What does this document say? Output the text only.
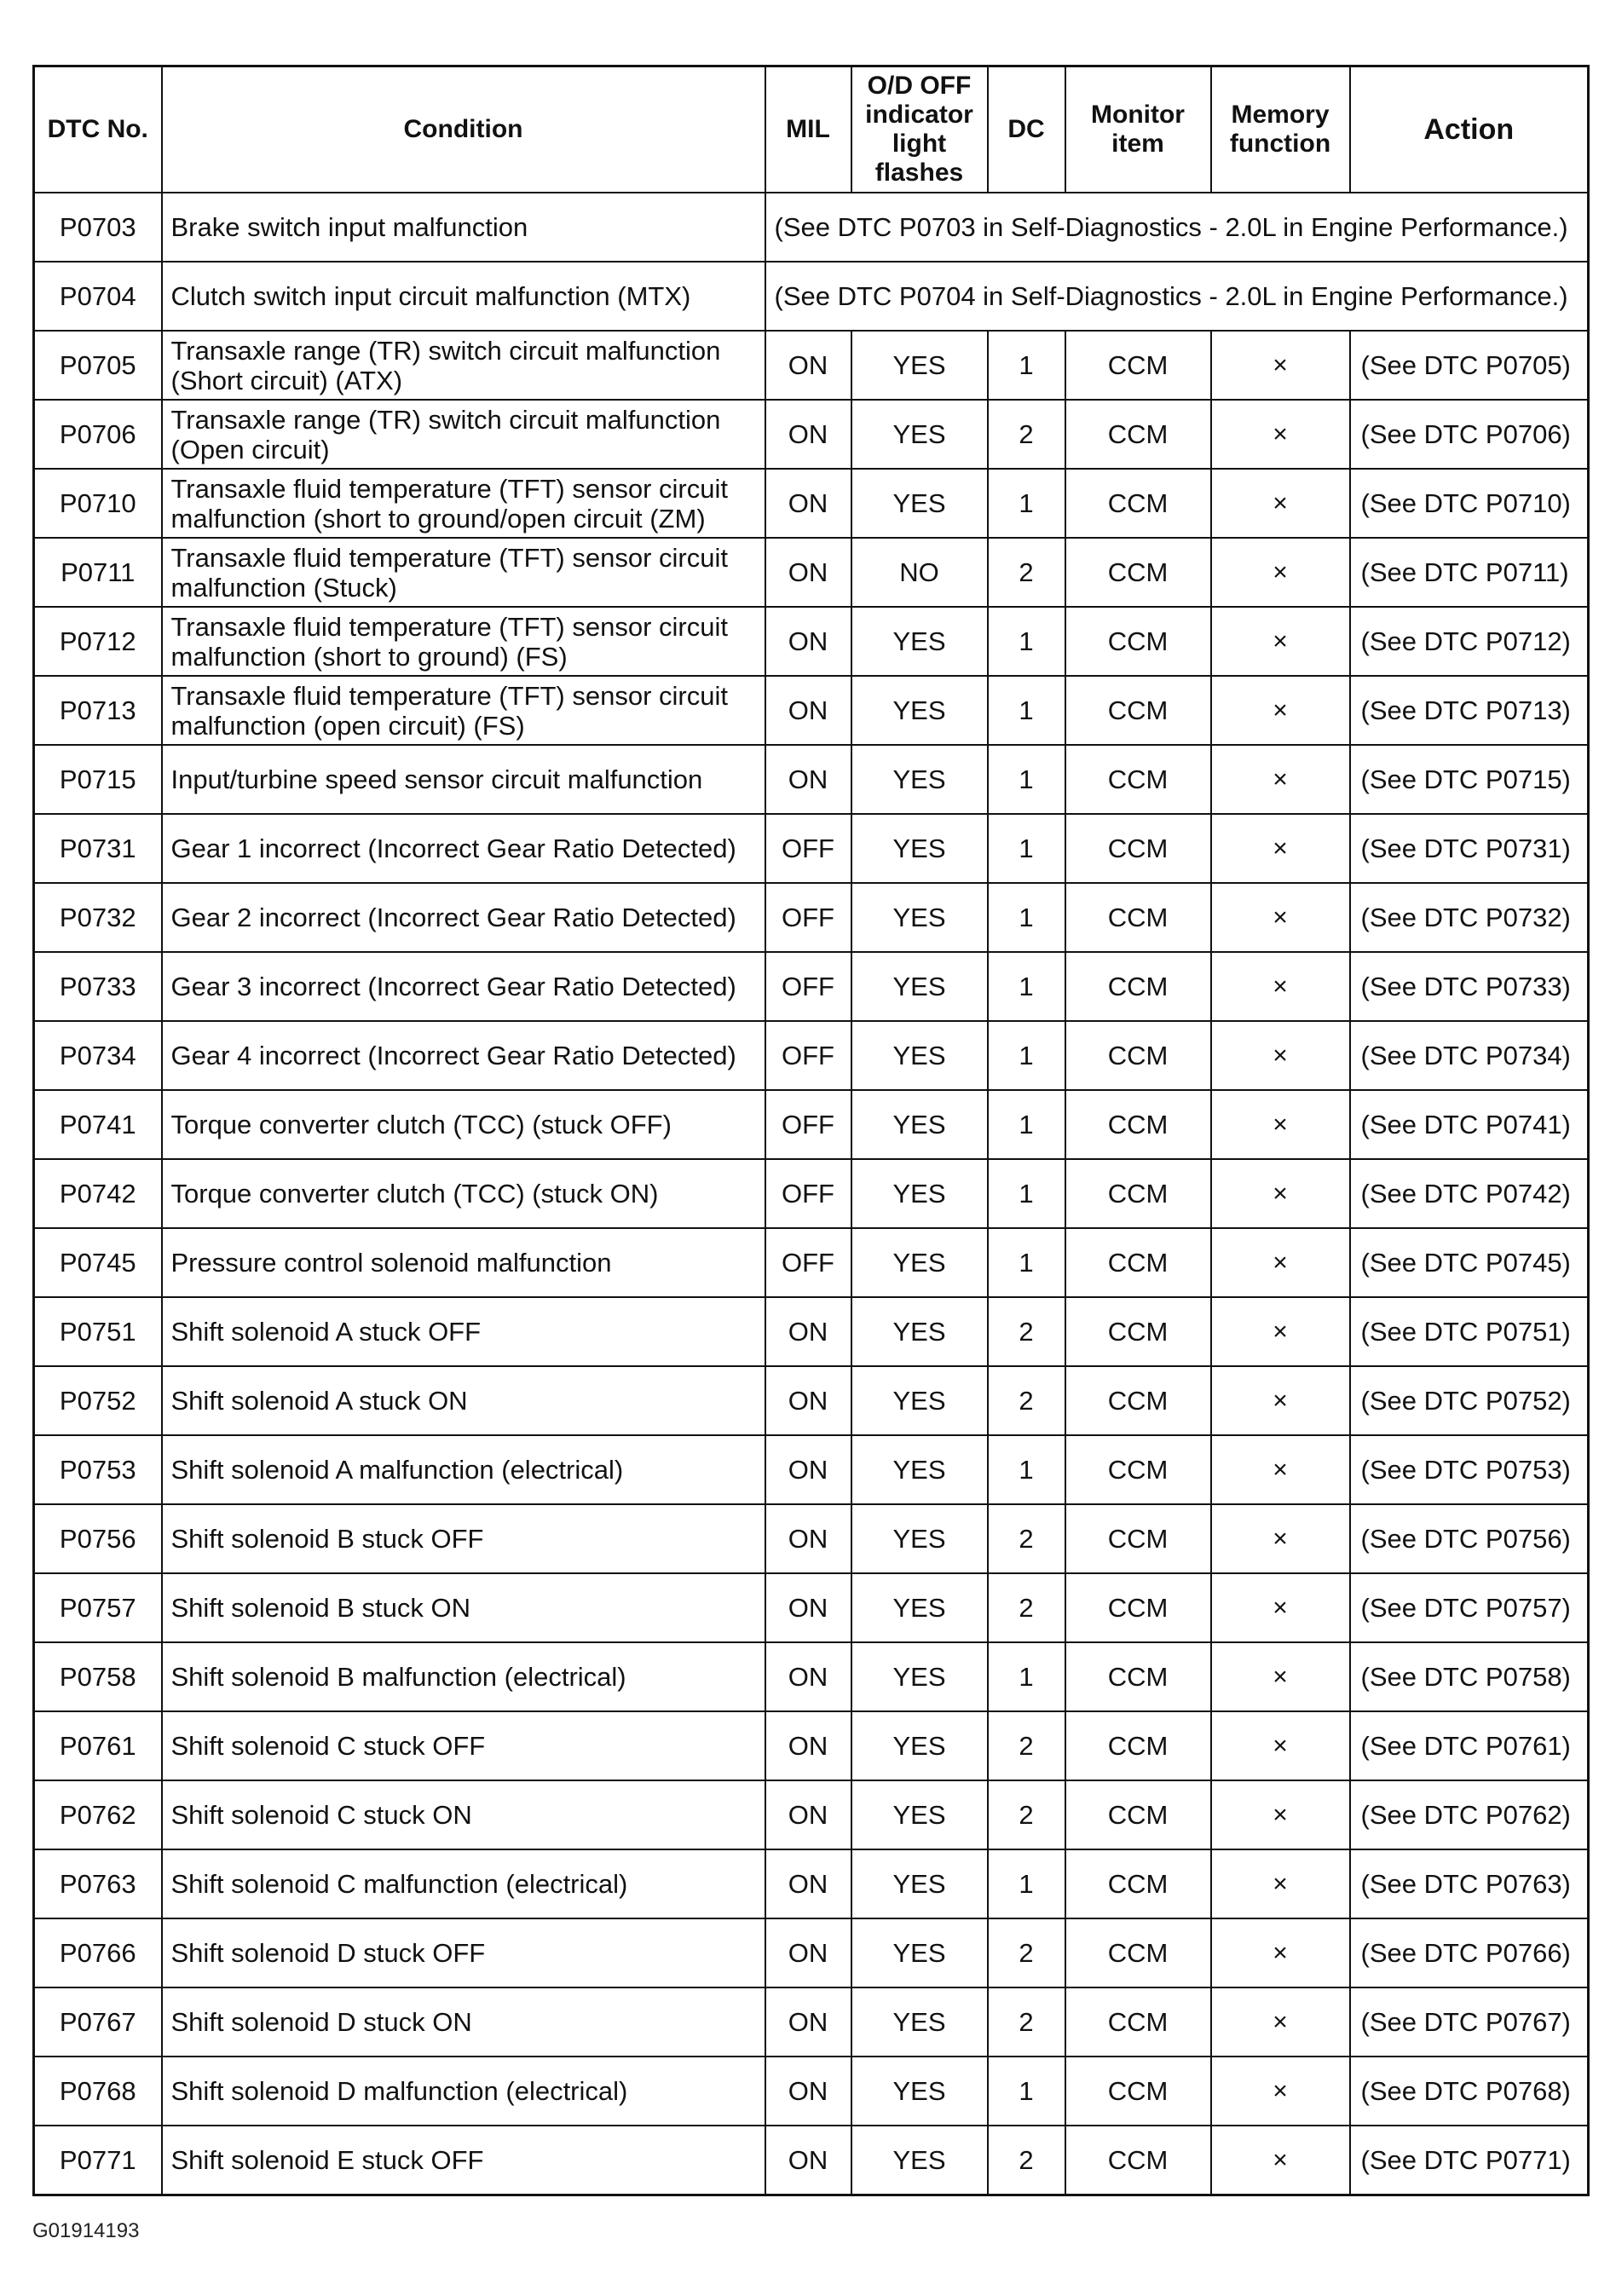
DTC No.	Condition	MIL	O/D OFF indicator light flashes	DC	Monitor item	Memory function	Action
P0703	Brake switch input malfunction	(See DTC P0703 in Self-Diagnostics - 2.0L in Engine Performance.)					
P0704	Clutch switch input circuit malfunction (MTX)	(See DTC P0704 in Self-Diagnostics - 2.0L in Engine Performance.)					
P0705	Transaxle range (TR) switch circuit malfunction (Short circuit) (ATX)	ON	YES	1	CCM	×	(See DTC P0705)
P0706	Transaxle range (TR) switch circuit malfunction (Open circuit)	ON	YES	2	CCM	×	(See DTC P0706)
P0710	Transaxle fluid temperature (TFT) sensor circuit malfunction (short to ground/open circuit (ZM)	ON	YES	1	CCM	×	(See DTC P0710)
P0711	Transaxle fluid temperature (TFT) sensor circuit malfunction (Stuck)	ON	NO	2	CCM	×	(See DTC P0711)
P0712	Transaxle fluid temperature (TFT) sensor circuit malfunction (short to ground) (FS)	ON	YES	1	CCM	×	(See DTC P0712)
P0713	Transaxle fluid temperature (TFT) sensor circuit malfunction (open circuit) (FS)	ON	YES	1	CCM	×	(See DTC P0713)
P0715	Input/turbine speed sensor circuit malfunction	ON	YES	1	CCM	×	(See DTC P0715)
P0731	Gear 1 incorrect (Incorrect Gear Ratio Detected)	OFF	YES	1	CCM	×	(See DTC P0731)
P0732	Gear 2 incorrect (Incorrect Gear Ratio Detected)	OFF	YES	1	CCM	×	(See DTC P0732)
P0733	Gear 3 incorrect (Incorrect Gear Ratio Detected)	OFF	YES	1	CCM	×	(See DTC P0733)
P0734	Gear 4 incorrect (Incorrect Gear Ratio Detected)	OFF	YES	1	CCM	×	(See DTC P0734)
P0741	Torque converter clutch (TCC) (stuck OFF)	OFF	YES	1	CCM	×	(See DTC P0741)
P0742	Torque converter clutch (TCC) (stuck ON)	OFF	YES	1	CCM	×	(See DTC P0742)
P0745	Pressure control solenoid malfunction	OFF	YES	1	CCM	×	(See DTC P0745)
P0751	Shift solenoid A stuck OFF	ON	YES	2	CCM	×	(See DTC P0751)
P0752	Shift solenoid A stuck ON	ON	YES	2	CCM	×	(See DTC P0752)
P0753	Shift solenoid A malfunction (electrical)	ON	YES	1	CCM	×	(See DTC P0753)
P0756	Shift solenoid B stuck OFF	ON	YES	2	CCM	×	(See DTC P0756)
P0757	Shift solenoid B stuck ON	ON	YES	2	CCM	×	(See DTC P0757)
P0758	Shift solenoid B malfunction (electrical)	ON	YES	1	CCM	×	(See DTC P0758)
P0761	Shift solenoid C stuck OFF	ON	YES	2	CCM	×	(See DTC P0761)
P0762	Shift solenoid C stuck ON	ON	YES	2	CCM	×	(See DTC P0762)
P0763	Shift solenoid C malfunction (electrical)	ON	YES	1	CCM	×	(See DTC P0763)
P0766	Shift solenoid D stuck OFF	ON	YES	2	CCM	×	(See DTC P0766)
P0767	Shift solenoid D stuck ON	ON	YES	2	CCM	×	(See DTC P0767)
P0768	Shift solenoid D malfunction (electrical)	ON	YES	1	CCM	×	(See DTC P0768)
P0771	Shift solenoid E stuck OFF	ON	YES	2	CCM	×	(See DTC P0771)
G01914193
